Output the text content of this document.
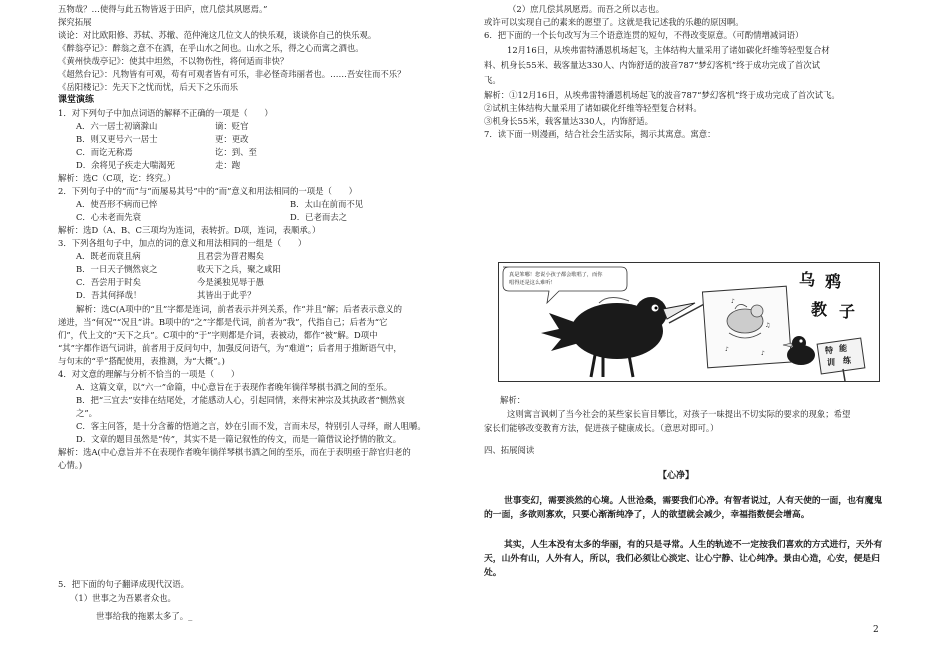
五物哉？…使得与此五物皆返于田庐，庶几偿其夙愿焉。”
探究拓展
谈论：对比欧阳修、苏轼、苏辙、范仲淹这几位文人的快乐观，谈谈你自己的快乐观。
《醉翁亭记》：醉翁之意不在酒，在乎山水之间也。山水之乐，得之心而寓之酒也。
《黄州快哉亭记》：使其中坦然，不以物伤性，将何适而非快？
《超然台记》：凡物皆有可观，苟有可观者皆有可乐，非必怪奇玮丽者也。……吾安往而不乐？
《岳阳楼记》：先天下之忧而忧，后天下之乐而乐
课堂演练
1．对下列句子中加点词语的解释不正确的一项是（　　）
A．六一居士初谪滁山	谪：贬官
B．则又更号六一居士	更：更改
C．而讫无称焉	讫：到、至
D．余将见子疾走大喘渴死	走：跑
解析：选C（C项，讫：终究。）
2．下列句子中的“而”与“而屡易其号”中的“而”意义和用法相同的一项是（　　）
A．使吾形不病而已悴	B．太山在前而不见
C．心未老而先衰	D．已老而去之
解析：选D（A、B、C三项均为连词，表转折。D项，连词，表顺承。）
3．下列各组句子中，加点的词的意义和用法相同的一组是（　　）
A．既老而衰且病	且君尝为晋君赐矣
B．一日天子恻然哀之	收天下之兵，聚之咸阳
C．吾尝用于时矣	今是溪独见辱于愚
D．吾其何择哉！	其皆出于此乎？
解析：选C(A项中的“且”字都是连词，前者表示并列关系，作“并且”解；后者表示意义的
递进，当“何况”“况且”讲。B项中的“之”字都是代词，前者为“我”，代指自己；后者为“它
们”，代上文的“天下之兵”。C项中的“于”字则都是介词，表被动，都作“被”解。D项中
“其”字都作语气词讲，前者用于反问句中，加强反问语气，为“难道”；后者用于推断语气中，
与句末的“乎”搭配使用，表推测，为“大概”。)
4．对文意的理解与分析不恰当的一项是（　　）
A．这篇文章，以“六一”命篇，中心意旨在于表现作者晚年徜徉琴棋书酒之间的至乐。
B．把“三宜去”安排在结尾处，才能感动人心，引起同情，来得宋神宗及其执政者“恻然哀
之”。
C．客主问答，是十分含蓄的悟道之言，妙在引而不发，言而未尽，特别引人寻绎，耐人咀嚼。
D．文章的题目虽然是“传”，其实不是一篇记叙性的传文，而是一篇借议论抒情的散文。
解析：选A(中心意旨并不在表现作者晚年徜徉琴棋书酒之间的至乐，而在于表明亟于辞官归老的
心情。)
5．把下面的句子翻译成现代汉语。
（1）世事之为吾累者众也。
世事给我的拖累太多了。_
（2）庶几偿其夙愿焉。而吾之所以志也。
或许可以实现自己的素来的愿望了。这就是我记述我的乐趣的原因啊。
6．把下面的一个长句改写为三个语意连贯的短句，不得改变原意。（可酌情增减词语）
12月16日，从埃弗雷特潘恩机场起飞，主体结构大量采用了诸如碳化纤维等轻型复合材
料、机身长55米、载客量达330人、内饰舒适的波音787“梦幻客机”终于成功完成了首次试
飞。
解析：①12月16日，从埃弗雷特潘恩机场起飞的波音787“梦幻客机”终于成功完成了首次试飞。
②试机主体结构大量采用了诸如碳化纤维等轻型复合材料。
③机身长55米，载客量达330人，内饰舒适。
7．读下面一则漫画，结合社会生活实际，揭示其寓意。寓意：
真是笨哪！您说小孩子都会歌唱了，而你
唱得还是这么难听！
♪
♫
♪
♪
乌 鸦
教 子
特 能
训 练
解析：
这则寓言讽刺了当今社会的某些家长盲目攀比，对孩子一味提出不切实际的要求的现象；希望
家长们能够改变教育方法，促进孩子健康成长。（意思对即可。）
四、拓展阅读
【心净】
世事变幻，需要淡然的心境。人世沧桑，需要我们心净。有智者说过，人有天使的一面，也有魔鬼的一面，多欲则寡欢，只要心渐渐纯净了，人的欲望就会减少，幸福指数便会增高。
其实，人生本没有太多的华丽，有的只是寻常。人生的轨迹不一定按我们喜欢的方式进行，天外有天，山外有山，人外有人，所以，我们必须让心淡定、让心宁静、让心纯净。景由心造，心安，便是归处。
2
